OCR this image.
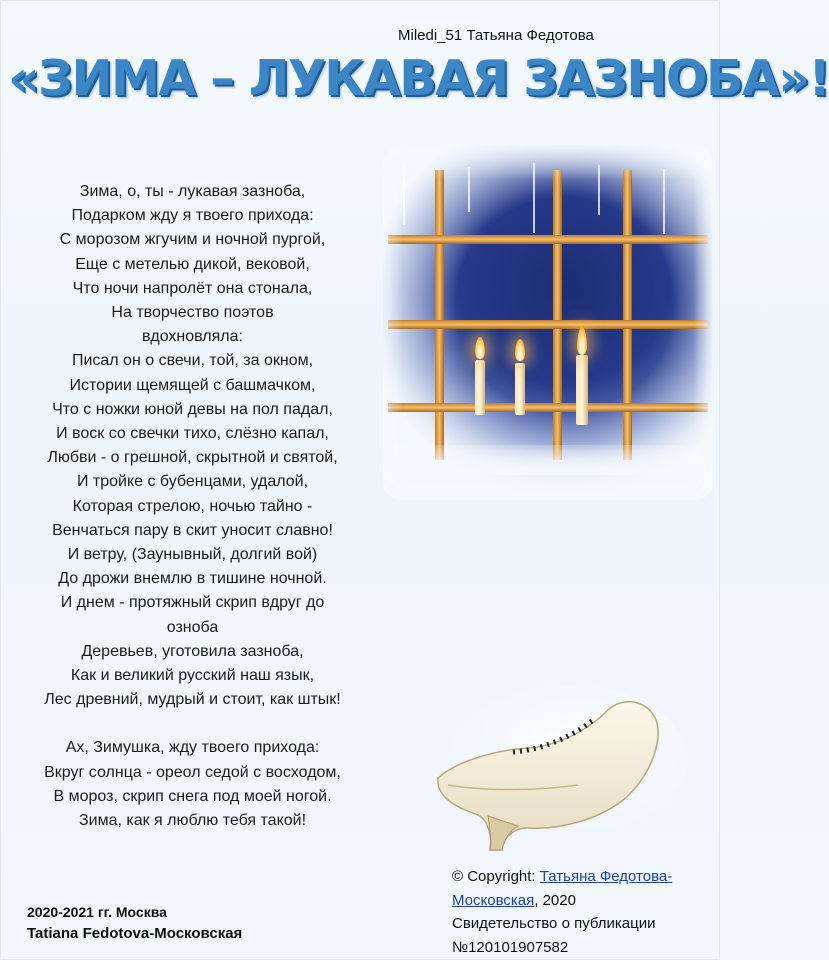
Miledi_51 Татьяна Федотова
«ЗИМА – ЛУКАВАЯ ЗАЗНОБА»!
Зима, о, ты - лукавая зазноба,
Подарком жду я твоего прихода:
С морозом жгучим и ночной пургой,
Еще с метелью дикой, вековой,
Что ночи напролёт она стонала,
На творчество поэтов
вдохновляла:
Писал он о свечи, той, за окном,
Истории щемящей с башмачком,
Что с ножки юной девы на пол падал,
И воск со свечки тихо, слёзно капал,
Любви - о грешной, скрытной и святой,
И тройке с бубенцами, удалой,
Которая стрелою, ночью тайно -
Венчаться пару в скит уносит славно!
И ветру, (Заунывный, долгий вой)
До дрожи внемлю в тишине ночной.
И днем - протяжный скрип вдруг до
озноба
Деревьев, уготовила зазноба,
Как и великий русский наш язык,
Лес древний, мудрый и стоит, как штык!
Ах, Зимушка, жду твоего прихода:
Вкруг солнца - ореол седой с восходом,
В мороз, скрип снега под моей ногой.
Зима, как я люблю тебя такой!
© Copyright: Татьяна Федотова-Московская, 2020
Свидетельство о публикации
№120101907582
2020-2021 гг. Москва
Tatiana Fedotova-Московская
